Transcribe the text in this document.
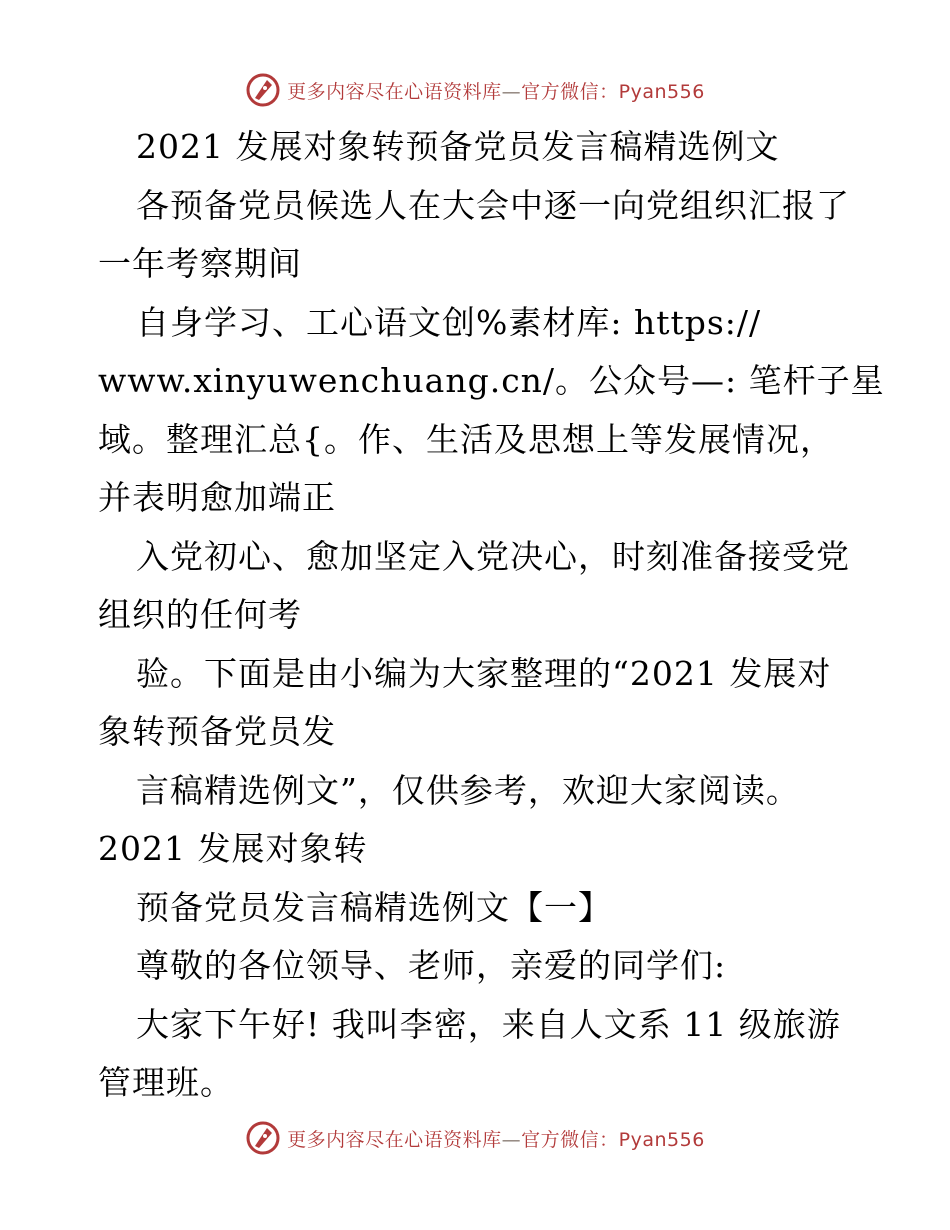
更多内容尽在心语资料库—官方微信：Pyan556
2021 发展对象转预备党员发言稿精选例文
各预备党员候选人在大会中逐一向党组织汇报了
一年考察期间
自身学习、工心语文创%素材库: https://
www.xinyuwenchuang.cn/。公众号—: 笔杆子星
域。整理汇总{。作、生活及思想上等发展情况，
并表明愈加端正
入党初心、愈加坚定入党决心，时刻准备接受党
组织的任何考
验。下面是由小编为大家整理的“2021 发展对
象转预备党员发
言稿精选例文”，仅供参考，欢迎大家阅读。
2021 发展对象转
预备党员发言稿精选例文【一】
尊敬的各位领导、老师，亲爱的同学们:
大家下午好! 我叫李密，来自人文系 11 级旅游
管理班。
更多内容尽在心语资料库—官方微信：Pyan556
